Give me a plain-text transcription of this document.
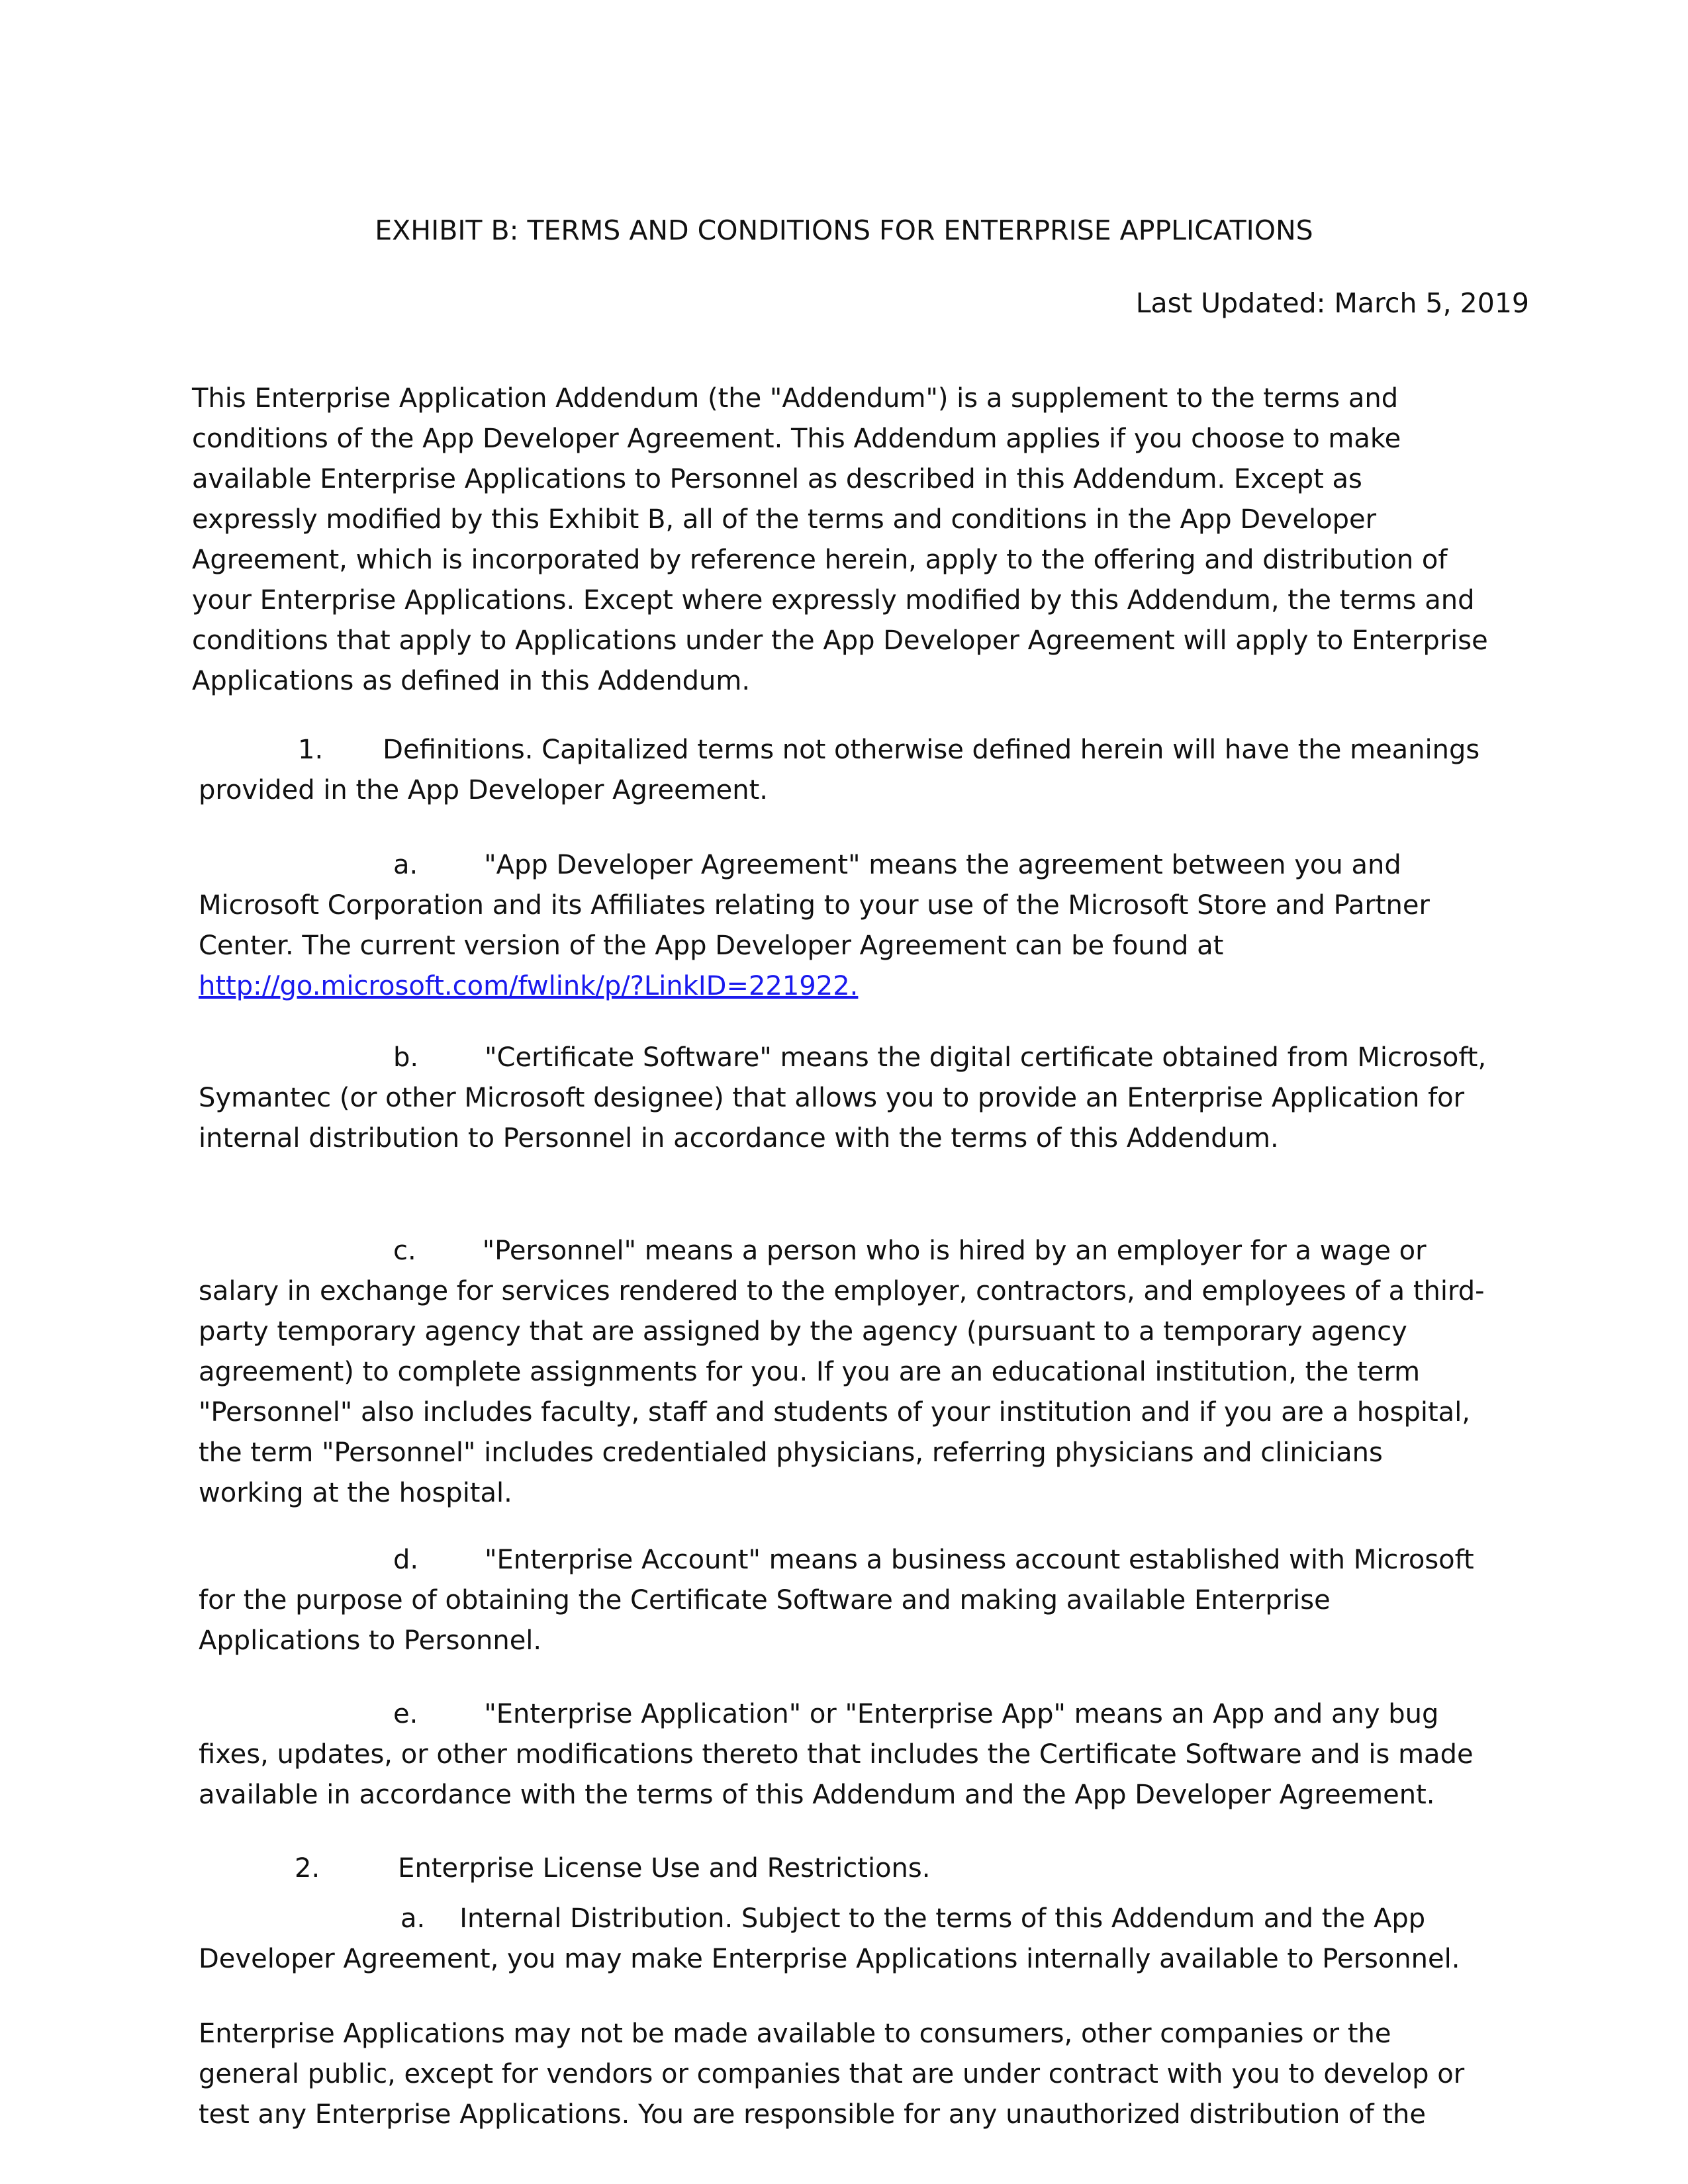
EXHIBIT B: TERMS AND CONDITIONS FOR ENTERPRISE APPLICATIONS

Last Updated: March 5, 2019

This Enterprise Application Addendum (the "Addendum") is a supplement to the terms and conditions of the App Developer Agreement. This Addendum applies if you choose to make available Enterprise Applications to Personnel as described in this Addendum. Except as expressly modified by this Exhibit B, all of the terms and conditions in the App Developer Agreement, which is incorporated by reference herein, apply to the offering and distribution of your Enterprise Applications. Except where expressly modified by this Addendum, the terms and conditions that apply to Applications under the App Developer Agreement will apply to Enterprise Applications as defined in this Addendum.

1. Definitions. Capitalized terms not otherwise defined herein will have the meanings provided in the App Developer Agreement.

a.	"App Developer Agreement" means the agreement between you and Microsoft Corporation and its Affiliates relating to your use of the Microsoft Store and Partner Center. The current version of the App Developer Agreement can be found at http://go.microsoft.com/fwlink/p/?LinkID=221922.

b.	"Certificate Software" means the digital certificate obtained from Microsoft, Symantec (or other Microsoft designee) that allows you to provide an Enterprise Application for internal distribution to Personnel in accordance with the terms of this Addendum.

c.	"Personnel" means a person who is hired by an employer for a wage or salary in exchange for services rendered to the employer, contractors, and employees of a third-party temporary agency that are assigned by the agency (pursuant to a temporary agency agreement) to complete assignments for you. If you are an educational institution, the term "Personnel" also includes faculty, staff and students of your institution and if you are a hospital, the term "Personnel" includes credentialed physicians, referring physicians and clinicians working at the hospital.

d.	"Enterprise Account" means a business account established with Microsoft for the purpose of obtaining the Certificate Software and making available Enterprise Applications to Personnel.

e.	"Enterprise Application" or "Enterprise App" means an App and any bug fixes, updates, or other modifications thereto that includes the Certificate Software and is made available in accordance with the terms of this Addendum and the App Developer Agreement.

2.	Enterprise License Use and Restrictions.

a. Internal Distribution. Subject to the terms of this Addendum and the App Developer Agreement, you may make Enterprise Applications internally available to Personnel.

Enterprise Applications may not be made available to consumers, other companies or the general public, except for vendors or companies that are under contract with you to develop or test any Enterprise Applications. You are responsible for any unauthorized distribution of the
